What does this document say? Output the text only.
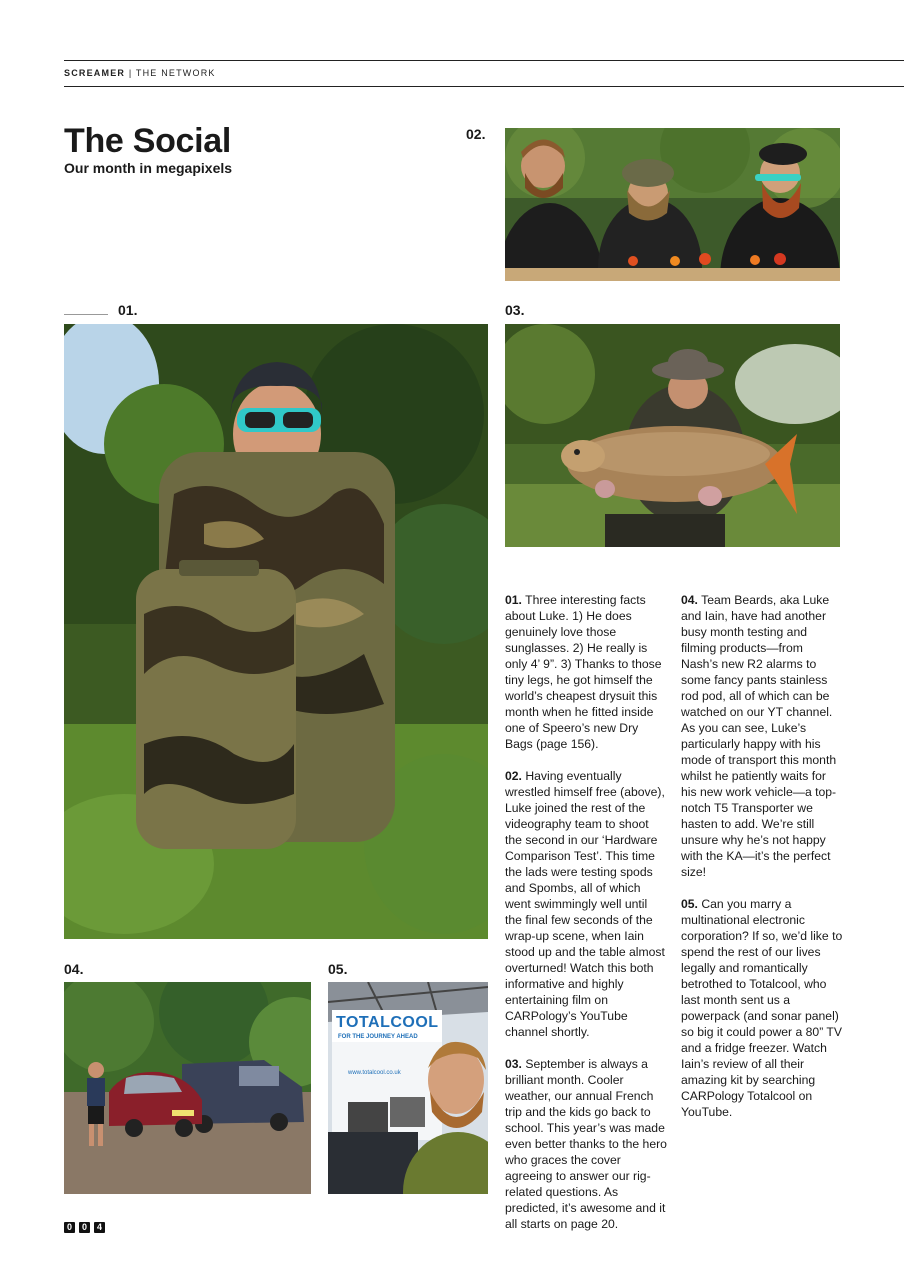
SCREAMER | THE NETWORK
The Social
Our month in megapixels
02.
01.	03.
04.	05.
TOTALCOOL
FOR THE JOURNEY AHEAD
www.totalcool.co.uk

01. Three interesting facts about Luke. 1) He does genuinely love those sunglasses. 2) He really is only 4’ 9”. 3) Thanks to those tiny legs, he got himself the world’s cheapest drysuit this month when he fitted inside one of Speero’s new Dry Bags (page 156).

02. Having eventually wrestled himself free (above), Luke joined the rest of the videography team to shoot the second in our ‘Hardware Comparison Test’. This time the lads were testing spods and Spombs, all of which went swimmingly well until the final few seconds of the wrap-up scene, when Iain stood up and the table almost overturned! Watch this both informative and highly entertaining film on CARPology’s YouTube channel shortly.

03. September is always a brilliant month. Cooler weather, our annual French trip and the kids go back to school. This year’s was made even better thanks to the hero who graces the cover agreeing to answer our rig-related questions. As predicted, it’s awesome and it all starts on page 20.

04. Team Beards, aka Luke and Iain, have had another busy month testing and filming products—from Nash’s new R2 alarms to some fancy pants stainless rod pod, all of which can be watched on our YT channel. As you can see, Luke’s particularly happy with his mode of transport this month whilst he patiently waits for his new work vehicle—a top-notch T5 Transporter we hasten to add. We’re still unsure why he’s not happy with the KA—it’s the perfect size!

05. Can you marry a multinational electronic corporation? If so, we’d like to spend the rest of our lives legally and romantically betrothed to Totalcool, who last month sent us a powerpack (and sonar panel) so big it could power a 80” TV and a fridge freezer. Watch Iain’s review of all their amazing kit by searching CARPology Totalcool on YouTube.

0	0	4
